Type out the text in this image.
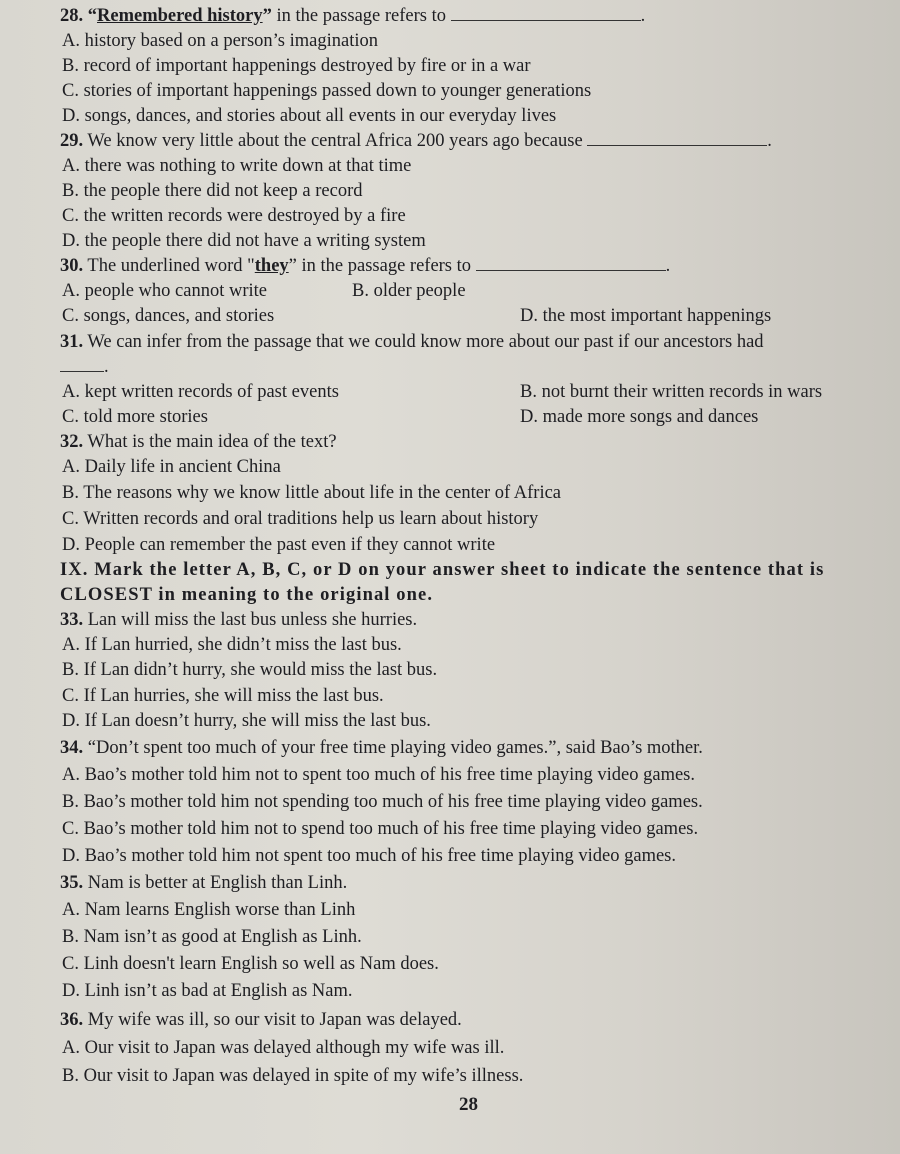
28. “Remembered history” in the passage refers to	.
A. history based on a person’s imagination
B. record of important happenings destroyed by fire or in a war
C. stories of important happenings passed down to younger generations
D. songs, dances, and stories about all events in our everyday lives
29. We know very little about the central Africa 200 years ago because	.
A. there was nothing to write down at that time
B. the people there did not keep a record
C. the written records were destroyed by a fire
D. the people there did not have a writing system
30. The underlined word "they” in the passage refers to	.
A. people who cannot write	B. older people
C. songs, dances, and stories	D. the most important happenings
31. We can infer from the passage that we could know more about our past if our ancestors had
.
A. kept written records of past events	B. not burnt their written records in wars
C. told more stories	D. made more songs and dances
32. What is the main idea of the text?
A. Daily life in ancient China
B. The reasons why we know little about life in the center of Africa
C. Written records and oral traditions help us learn about history
D. People can remember the past even if they cannot write
IX. Mark the letter A, B, C, or D on your answer sheet to indicate the sentence that is
CLOSEST in meaning to the original one.
33. Lan will miss the last bus unless she hurries.
A. If Lan hurried, she didn’t miss the last bus.
B. If Lan didn’t hurry, she would miss the last bus.
C. If Lan hurries, she will miss the last bus.
D. If Lan doesn’t hurry, she will miss the last bus.
34. “Don’t spent too much of your free time playing video games.”, said Bao’s mother.
A. Bao’s mother told him not to spent too much of his free time playing video games.
B. Bao’s mother told him not spending too much of his free time playing video games.
C. Bao’s mother told him not to spend too much of his free time playing video games.
D. Bao’s mother told him not spent too much of his free time playing video games.
35. Nam is better at English than Linh.
A. Nam learns English worse than Linh
B. Nam isn’t as good at English as Linh.
C. Linh doesn't learn English so well as Nam does.
D. Linh isn’t as bad at English as Nam.
36. My wife was ill, so our visit to Japan was delayed.
A. Our visit to Japan was delayed although my wife was ill.
B. Our visit to Japan was delayed in spite of my wife’s illness.
28
